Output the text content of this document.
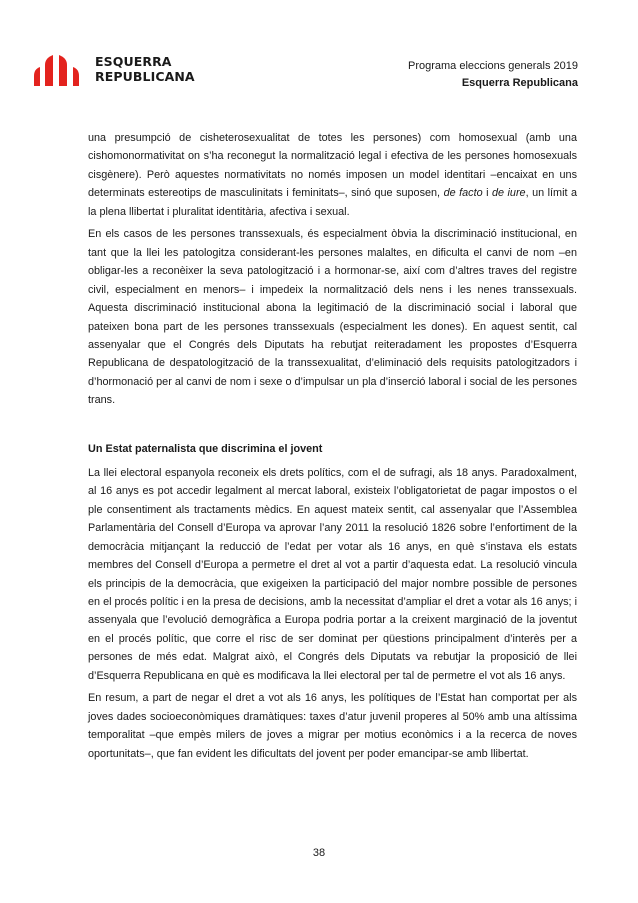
ESQUERRA
REPUBLICANA
Programa eleccions generals 2019
Esquerra Republicana

una presumpció de cisheterosexualitat de totes les persones) com homosexual (amb una cishomonormativitat on s’ha reconegut la normalització legal i efectiva de les persones homosexuals cisgènere). Però aquestes normativitats no només imposen un model identitari –encaixat en uns determinats estereotips de masculinitats i feminitats–, sinó que suposen, de facto i de iure, un límit a la plena llibertat i pluralitat identitària, afectiva i sexual.

En els casos de les persones transsexuals, és especialment òbvia la discriminació institucional, en tant que la llei les patologitza considerant-les persones malaltes, en dificulta el canvi de nom –en obligar-les a reconèixer la seva patologització i a hormonar-se, així com d’altres traves del registre civil, especialment en menors– i impedeix la normalització dels nens i les nenes transsexuals. Aquesta discriminació institucional abona la legitimació de la discriminació social i laboral que pateixen bona part de les persones transsexuals (especialment les dones). En aquest sentit, cal assenyalar que el Congrés dels Diputats ha rebutjat reiteradament les propostes d’Esquerra Republicana de despatologització de la transsexualitat, d’eliminació dels requisits patologitzadors i d’hormonació per al canvi de nom i sexe o d’impulsar un pla d’inserció laboral i social de les persones trans.

Un Estat paternalista que discrimina el jovent

La llei electoral espanyola reconeix els drets polítics, com el de sufragi, als 18 anys. Paradoxalment, al 16 anys es pot accedir legalment al mercat laboral, existeix l’obligatorietat de pagar impostos o el ple consentiment als tractaments mèdics. En aquest mateix sentit, cal assenyalar que l’Assemblea Parlamentària del Consell d’Europa va aprovar l’any 2011 la resolució 1826 sobre l’enfortiment de la democràcia mitjançant la reducció de l’edat per votar als 16 anys, en què s’instava els estats membres del Consell d’Europa a permetre el dret al vot a partir d’aquesta edat. La resolució vincula els principis de la democràcia, que exigeixen la participació del major nombre possible de persones en el procés polític i en la presa de decisions, amb la necessitat d’ampliar el dret a votar als 16 anys; i assenyala que l’evolució demogràfica a Europa podria portar a la creixent marginació de la joventut en el procés polític, que corre el risc de ser dominat per qüestions principalment d’interès per a persones de més edat. Malgrat això, el Congrés dels Diputats va rebutjar la proposició de llei d’Esquerra Republicana en què es modificava la llei electoral per tal de permetre el vot als 16 anys.

En resum, a part de negar el dret a vot als 16 anys, les polítiques de l’Estat han comportat per als joves dades socioeconòmiques dramàtiques: taxes d’atur juvenil properes al 50% amb una altíssima temporalitat –que empès milers de joves a migrar per motius econòmics i a la recerca de noves oportunitats–, que fan evident les dificultats del jovent per poder emancipar-se amb llibertat.

38
